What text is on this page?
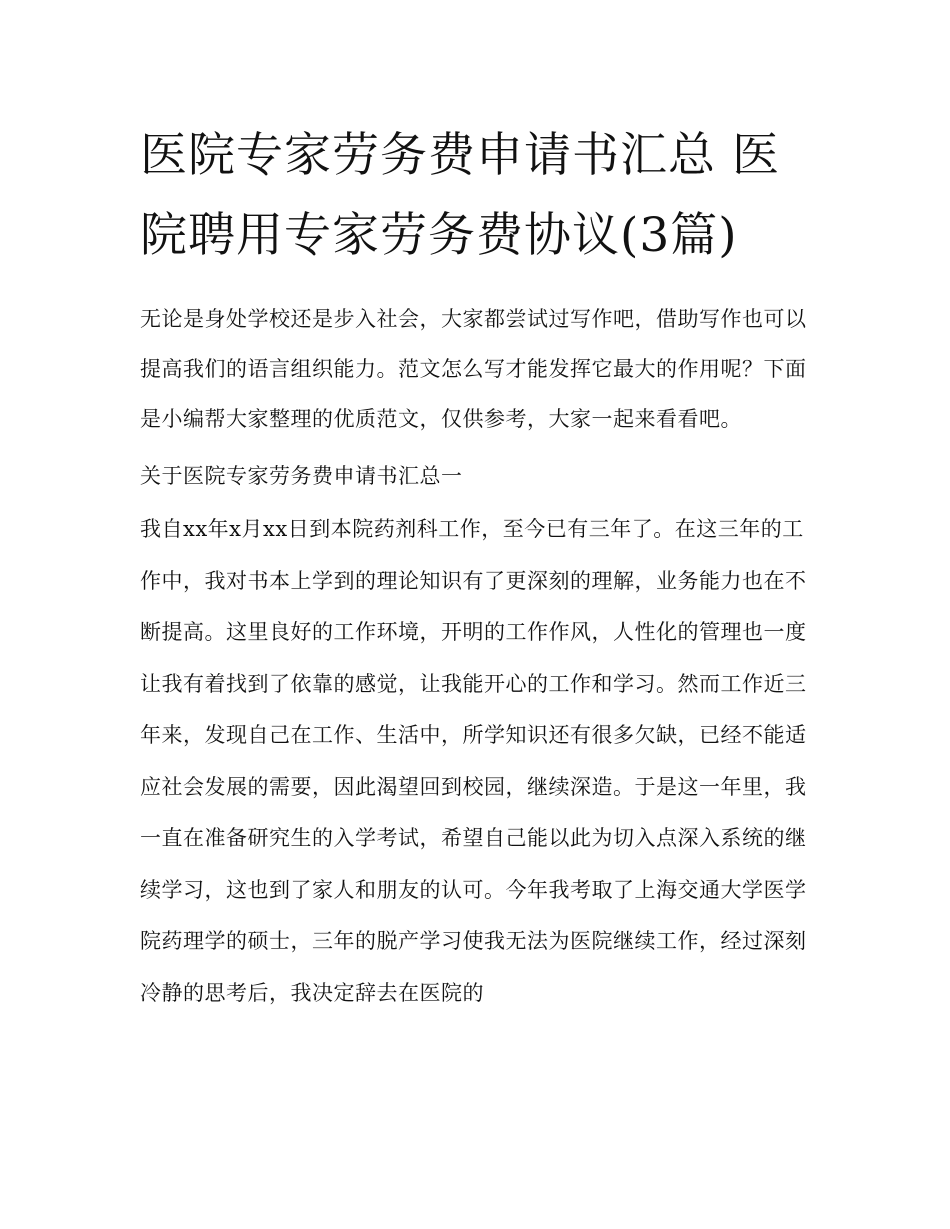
医院专家劳务费申请书汇总 医院聘用专家劳务费协议(3篇)

无论是身处学校还是步入社会，大家都尝试过写作吧，借助写作也可以提高我们的语言组织能力。范文怎么写才能发挥它最大的作用呢？下面是小编帮大家整理的优质范文，仅供参考，大家一起来看看吧。

关于医院专家劳务费申请书汇总一

我自xx年x月xx日到本院药剂科工作，至今已有三年了。在这三年的工作中，我对书本上学到的理论知识有了更深刻的理解，业务能力也在不断提高。这里良好的工作环境，开明的工作作风，人性化的管理也一度让我有着找到了依靠的感觉，让我能开心的工作和学习。然而工作近三年来，发现自己在工作、生活中，所学知识还有很多欠缺，已经不能适应社会发展的需要，因此渴望回到校园，继续深造。于是这一年里，我一直在准备研究生的入学考试，希望自己能以此为切入点深入系统的继续学习，这也到了家人和朋友的认可。今年我考取了上海交通大学医学院药理学的硕士，三年的脱产学习使我无法为医院继续工作，经过深刻冷静的思考后，我决定辞去在医院的
